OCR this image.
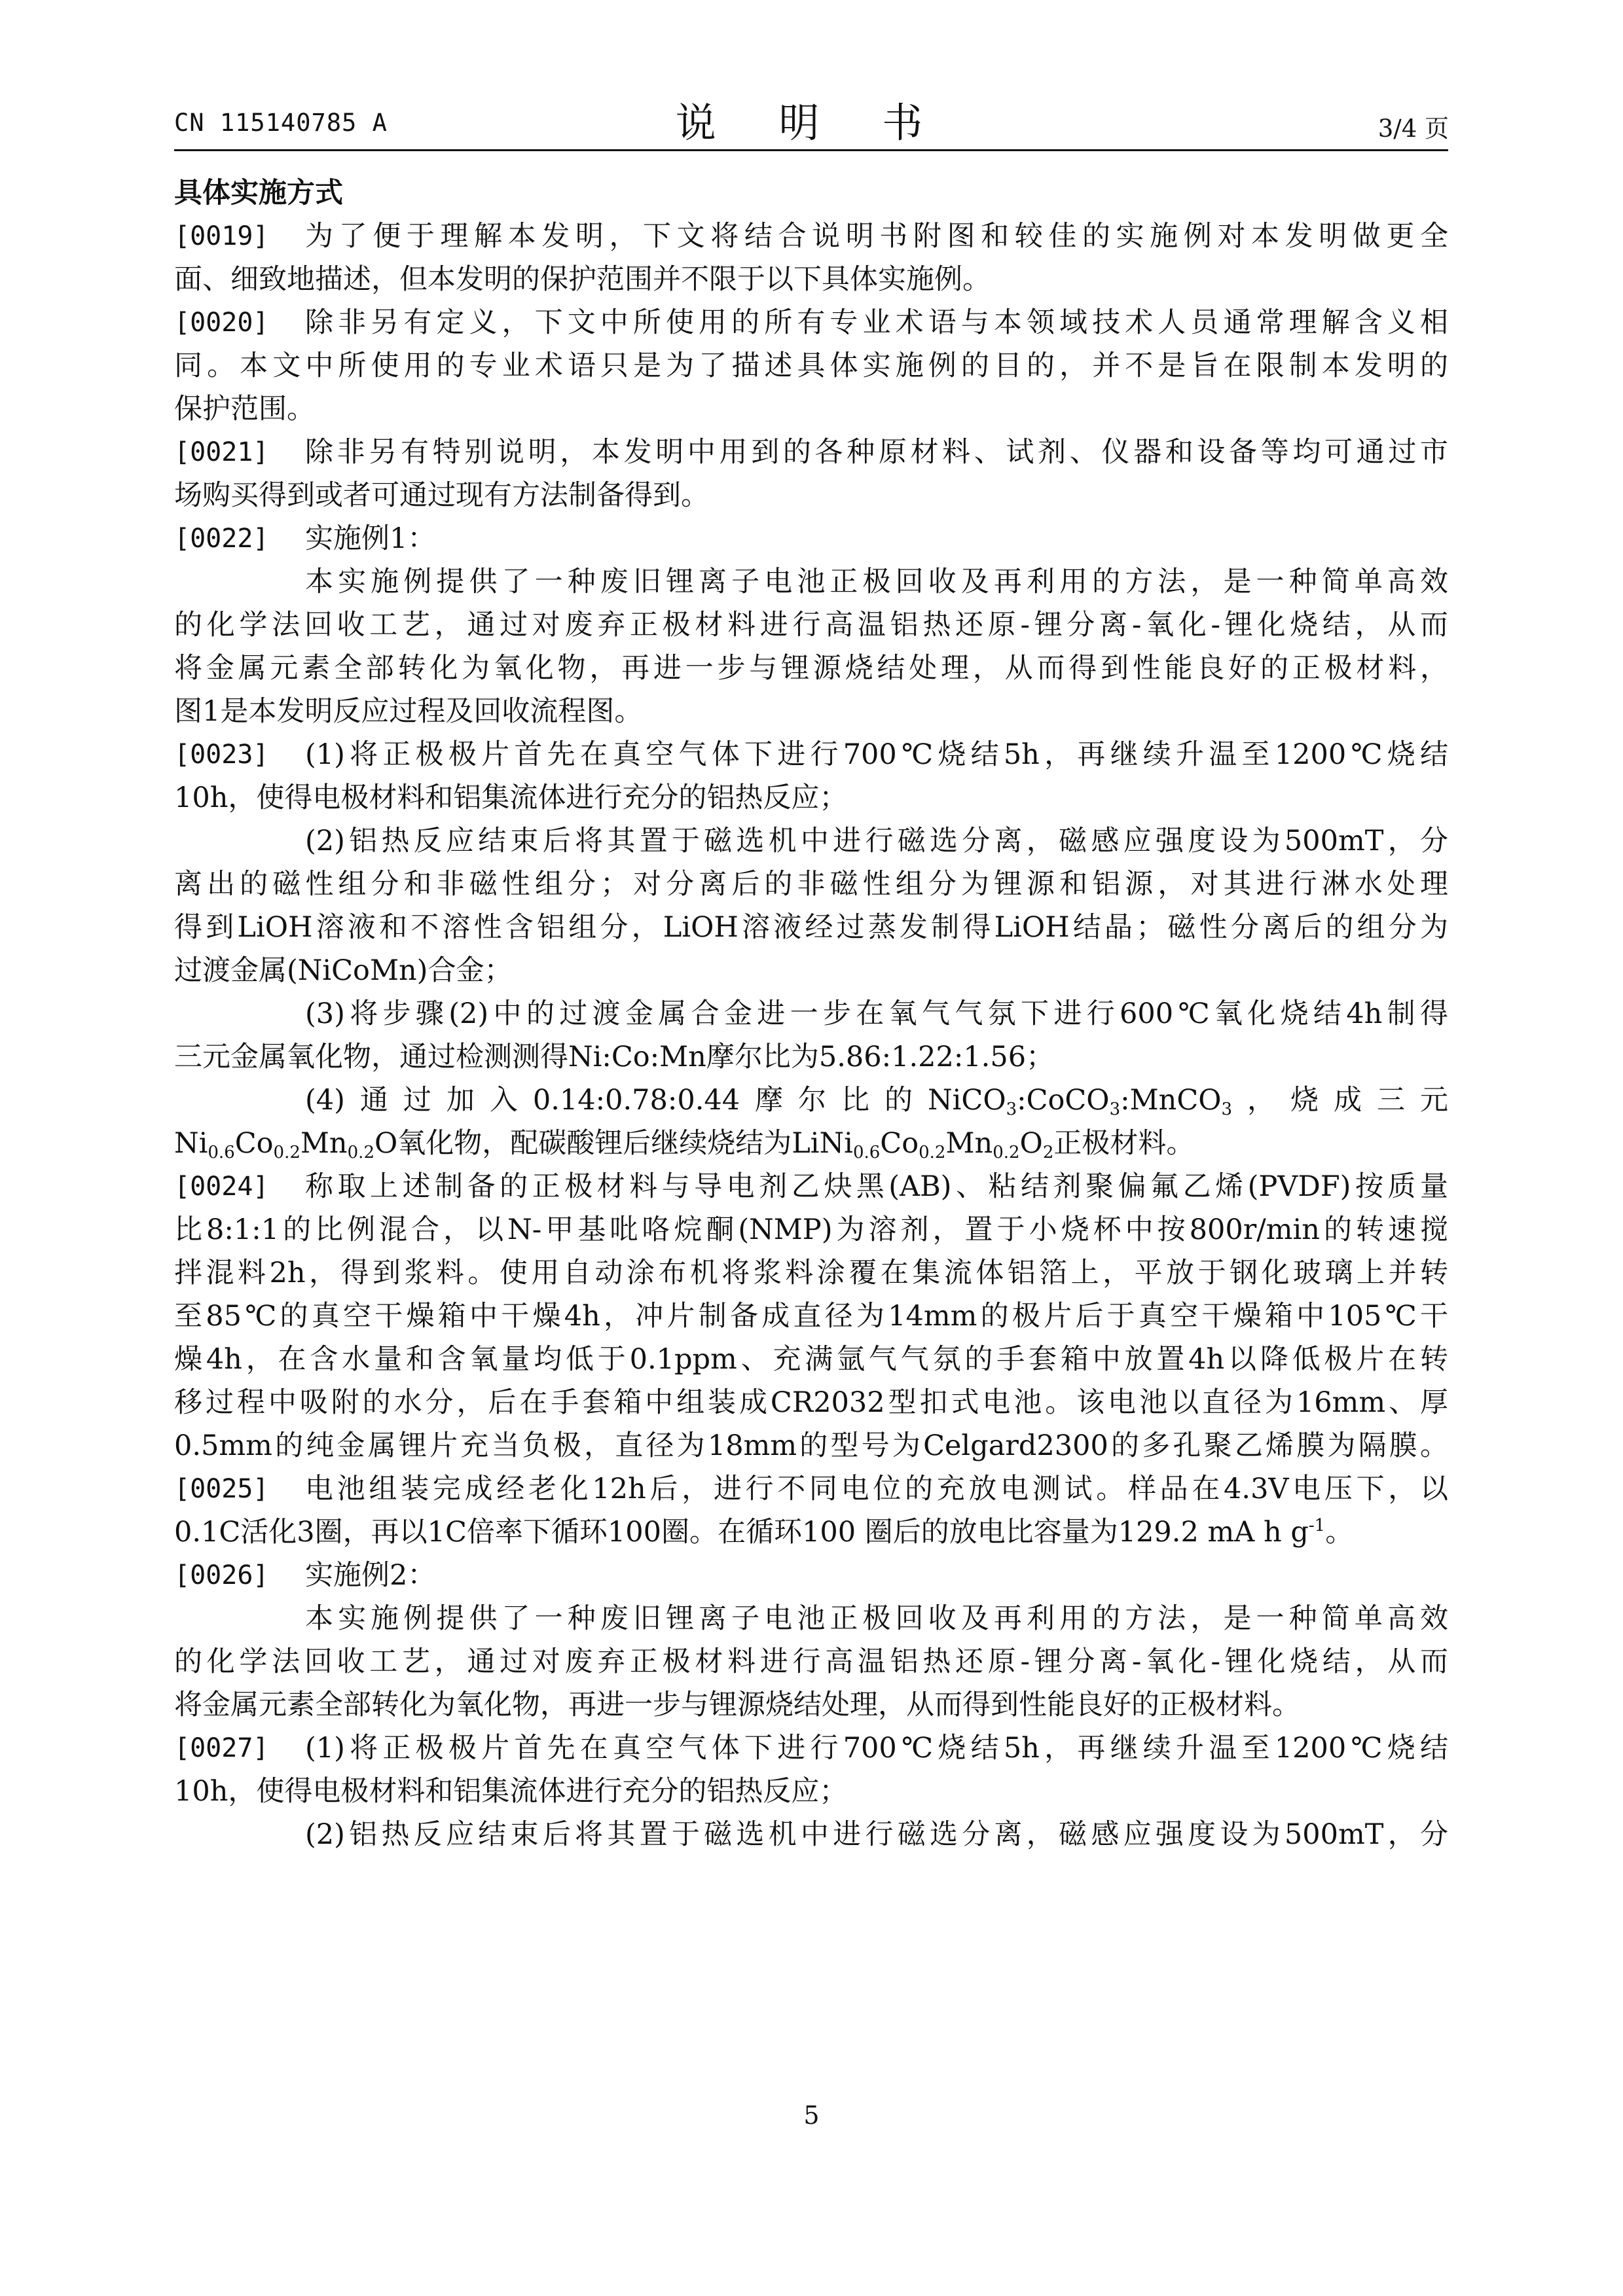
CN 115140785 A	说 明 书	3/4 页
具体实施方式
[0019] 为了便于理解本发明，下文将结合说明书附图和较佳的实施例对本发明做更全
面、细致地描述，但本发明的保护范围并不限于以下具体实施例。
[0020] 除非另有定义，下文中所使用的所有专业术语与本领域技术人员通常理解含义相
同。本文中所使用的专业术语只是为了描述具体实施例的目的，并不是旨在限制本发明的
保护范围。
[0021] 除非另有特别说明，本发明中用到的各种原材料、试剂、仪器和设备等均可通过市
场购买得到或者可通过现有方法制备得到。
[0022] 实施例1：
本实施例提供了一种废旧锂离子电池正极回收及再利用的方法，是一种简单高效
的化学法回收工艺，通过对废弃正极材料进行高温铝热还原-锂分离-氧化-锂化烧结，从而
将金属元素全部转化为氧化物，再进一步与锂源烧结处理，从而得到性能良好的正极材料，
图1是本发明反应过程及回收流程图。
[0023] (1)将正极极片首先在真空气体下进行700℃烧结5h，再继续升温至1200℃烧结
10h，使得电极材料和铝集流体进行充分的铝热反应；
(2)铝热反应结束后将其置于磁选机中进行磁选分离，磁感应强度设为500mT，分
离出的磁性组分和非磁性组分；对分离后的非磁性组分为锂源和铝源，对其进行淋水处理
得到LiOH溶液和不溶性含铝组分，LiOH溶液经过蒸发制得LiOH结晶；磁性分离后的组分为
过渡金属(NiCoMn)合金；
(3)将步骤(2)中的过渡金属合金进一步在氧气气氛下进行600℃氧化烧结4h制得
三元金属氧化物，通过检测测得Ni:Co:Mn摩尔比为5.86:1.22:1.56；
(4)通过加入0.14:0.78:0.44摩尔比的NiCO$_3$:CoCO$_3$:MnCO$_3$，烧成三元
$Ni_{0.6}Co_{0.2}Mn_{0.2}O$氧化物，配碳酸锂后继续烧结为$LiNi_{0.6}Co_{0.2}Mn_{0.2}O_2$正极材料。
[0024] 称取上述制备的正极材料与导电剂乙炔黑(AB)、粘结剂聚偏氟乙烯(PVDF)按质量
比8:1:1的比例混合，以N-甲基吡咯烷酮(NMP)为溶剂，置于小烧杯中按800r/min的转速搅
拌混料2h，得到浆料。使用自动涂布机将浆料涂覆在集流体铝箔上，平放于钢化玻璃上并转
至85℃的真空干燥箱中干燥4h，冲片制备成直径为14mm的极片后于真空干燥箱中105℃干
燥4h，在含水量和含氧量均低于0.1ppm、充满氩气气氛的手套箱中放置4h以降低极片在转
移过程中吸附的水分，后在手套箱中组装成CR2032型扣式电池。该电池以直径为16mm、厚
0.5mm的纯金属锂片充当负极，直径为18mm的型号为Celgard2300的多孔聚乙烯膜为隔膜。
[0025] 电池组装完成经老化12h后，进行不同电位的充放电测试。样品在4.3V电压下，以
0.1C活化3圈，再以1C倍率下循环100圈。在循环100 圈后的放电比容量为129.2 mA h $g^{-1}$。
[0026] 实施例2：
本实施例提供了一种废旧锂离子电池正极回收及再利用的方法，是一种简单高效
的化学法回收工艺，通过对废弃正极材料进行高温铝热还原-锂分离-氧化-锂化烧结，从而
将金属元素全部转化为氧化物，再进一步与锂源烧结处理，从而得到性能良好的正极材料。
[0027] (1)将正极极片首先在真空气体下进行700℃烧结5h，再继续升温至1200℃烧结
10h，使得电极材料和铝集流体进行充分的铝热反应；
(2)铝热反应结束后将其置于磁选机中进行磁选分离，磁感应强度设为500mT，分
5
